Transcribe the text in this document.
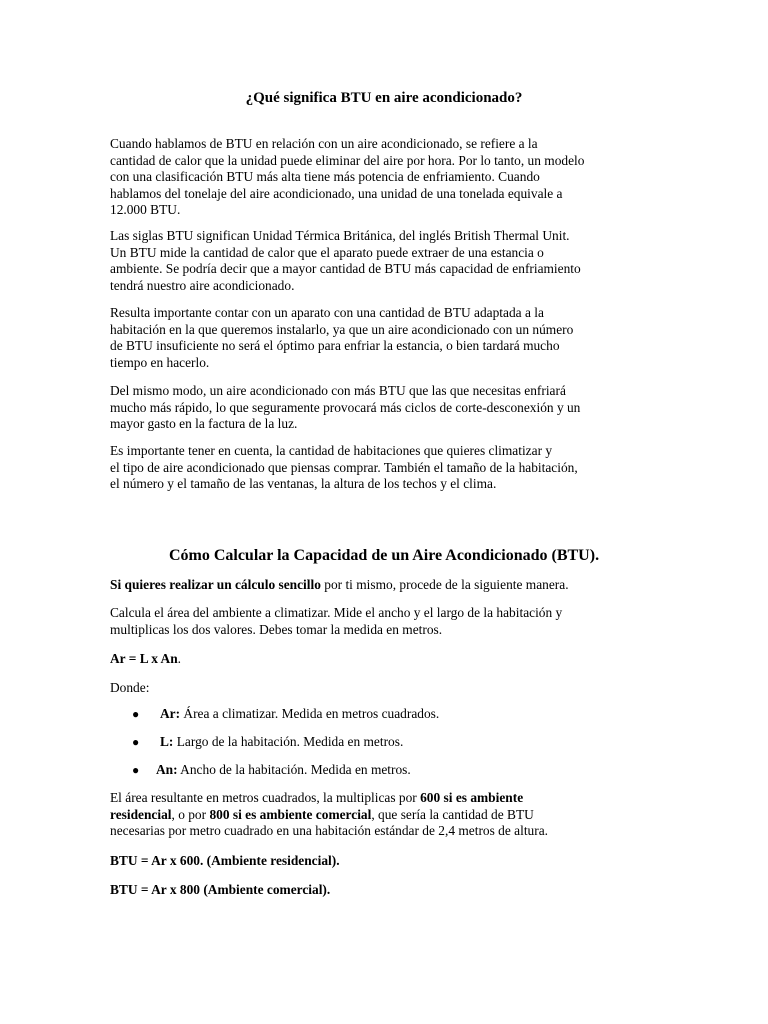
¿Qué significa BTU en aire acondicionado?

Cuando hablamos de BTU en relación con un aire acondicionado, se refiere a la
cantidad de calor que la unidad puede eliminar del aire por hora. Por lo tanto, un modelo
con una clasificación BTU más alta tiene más potencia de enfriamiento. Cuando
hablamos del tonelaje del aire acondicionado, una unidad de una tonelada equivale a
12.000 BTU.

Las siglas BTU significan Unidad Térmica Británica, del inglés British Thermal Unit.
Un BTU mide la cantidad de calor que el aparato puede extraer de una estancia o
ambiente. Se podría decir que a mayor cantidad de BTU más capacidad de enfriamiento
tendrá nuestro aire acondicionado.

Resulta importante contar con un aparato con una cantidad de BTU adaptada a la
habitación en la que queremos instalarlo, ya que un aire acondicionado con un número
de BTU insuficiente no será el óptimo para enfriar la estancia, o bien tardará mucho
tiempo en hacerlo.

Del mismo modo, un aire acondicionado con más BTU que las que necesitas enfriará
mucho más rápido, lo que seguramente provocará más ciclos de corte-desconexión y un
mayor gasto en la factura de la luz.

Es importante tener en cuenta, la cantidad de habitaciones que quieres climatizar y
el tipo de aire acondicionado que piensas comprar. También el tamaño de la habitación,
el número y el tamaño de las ventanas, la altura de los techos y el clima.

Cómo Calcular la Capacidad de un Aire Acondicionado (BTU).

Si quieres realizar un cálculo sencillo por ti mismo, procede de la siguiente manera.

Calcula el área del ambiente a climatizar. Mide el ancho y el largo de la habitación y
multiplicas los dos valores. Debes tomar la medida en metros.

Ar = L x An.

Donde:

● Ar: Área a climatizar. Medida en metros cuadrados.
● L: Largo de la habitación. Medida en metros.
● An: Ancho de la habitación. Medida en metros.

El área resultante en metros cuadrados, la multiplicas por 600 si es ambiente
residencial, o por 800 si es ambiente comercial, que sería la cantidad de BTU
necesarias por metro cuadrado en una habitación estándar de 2,4 metros de altura.

BTU = Ar x 600. (Ambiente residencial).

BTU = Ar x 800 (Ambiente comercial).
